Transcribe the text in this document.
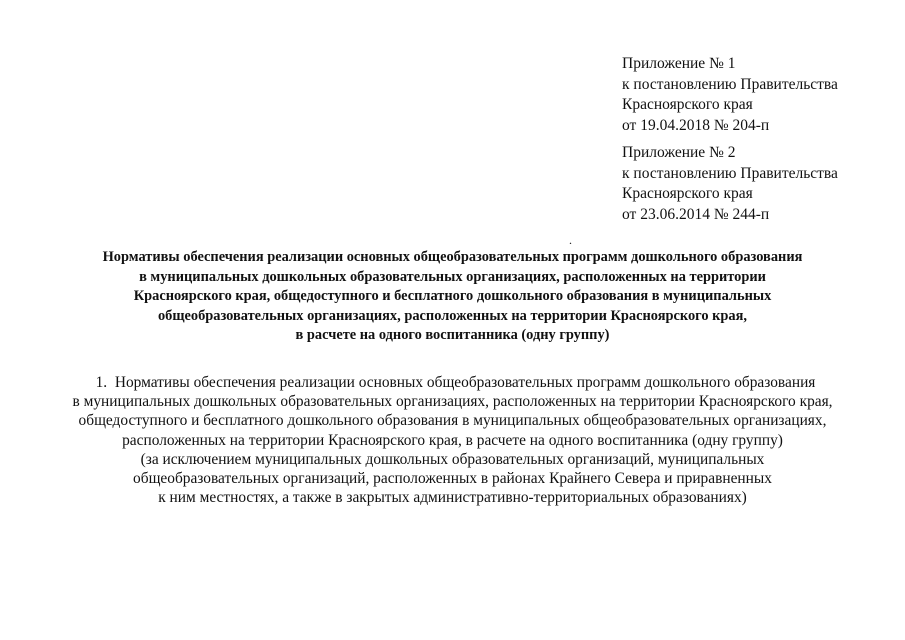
Приложение № 1
к постановлению Правительства
Красноярского края
от 19.04.2018 № 204-п
Приложение № 2
к постановлению Правительства
Красноярского края
от 23.06.2014 № 244-п
.
Нормативы обеспечения реализации основных общеобразовательных программ дошкольного образования
в муниципальных дошкольных образовательных организациях, расположенных на территории
Красноярского края, общедоступного и бесплатного дошкольного образования в муниципальных
общеобразовательных организациях, расположенных на территории Красноярского края,
в расчете на одного воспитанника (одну группу)
1. Нормативы обеспечения реализации основных общеобразовательных программ дошкольного образования
в муниципальных дошкольных образовательных организациях, расположенных на территории Красноярского края,
общедоступного и бесплатного дошкольного образования в муниципальных общеобразовательных организациях,
расположенных на территории Красноярского края, в расчете на одного воспитанника (одну группу)
(за исключением муниципальных дошкольных образовательных организаций, муниципальных
общеобразовательных организаций, расположенных в районах Крайнего Севера и приравненных
к ним местностях, а также в закрытых административно-территориальных образованиях)
